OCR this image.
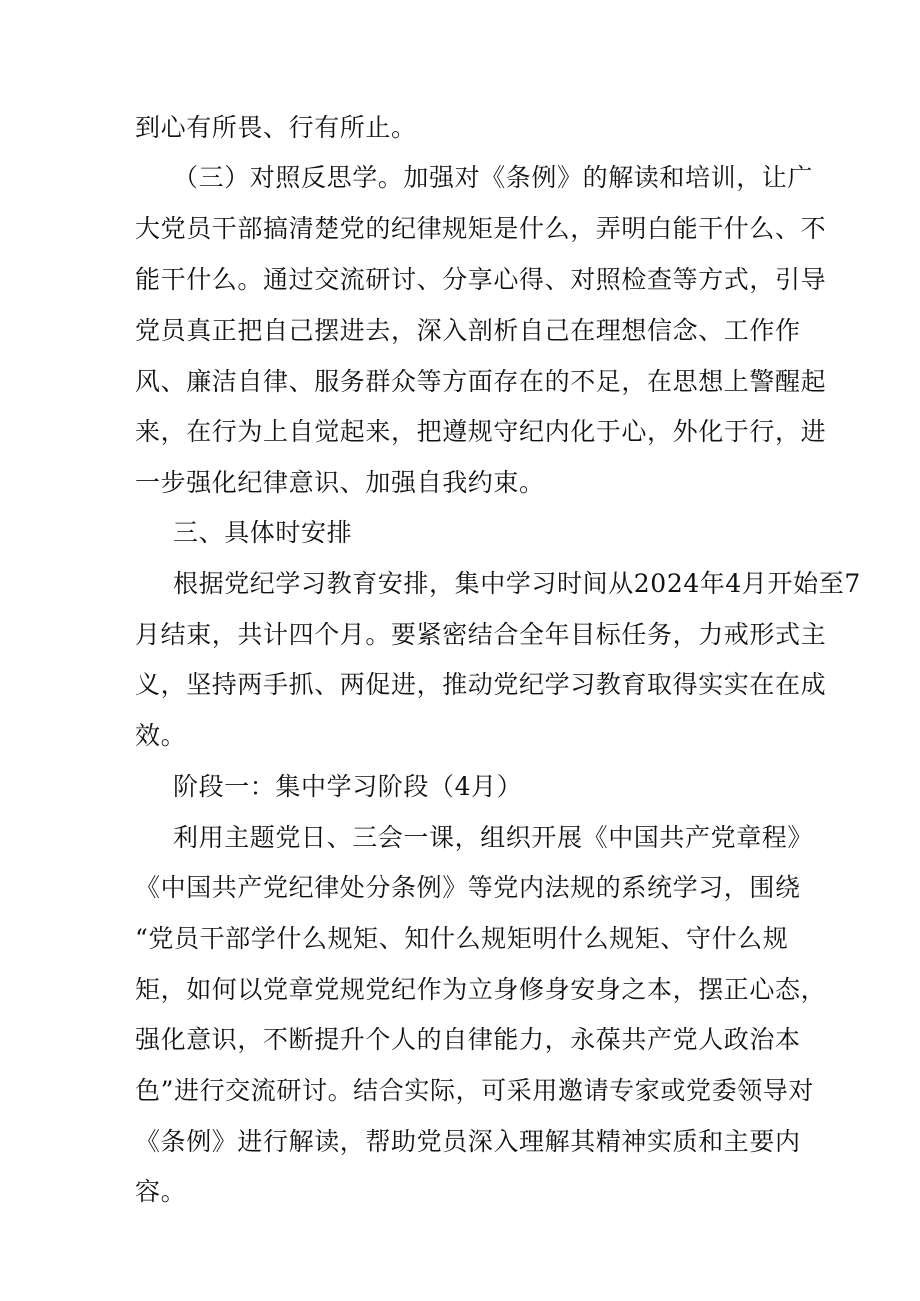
到心有所畏、行有所止。

（三）对照反思学。加强对《条例》的解读和培训，让广

大党员干部搞清楚党的纪律规矩是什么，弄明白能干什么、不

能干什么。通过交流研讨、分享心得、对照检查等方式，引导

党员真正把自己摆进去，深入剖析自己在理想信念、工作作

风、廉洁自律、服务群众等方面存在的不足，在思想上警醒起

来，在行为上自觉起来，把遵规守纪内化于心，外化于行，进

一步强化纪律意识、加强自我约束。

三、具体时安排

根据党纪学习教育安排，集中学习时间从2024年4月开始至7

月结束，共计四个月。要紧密结合全年目标任务，力戒形式主

义，坚持两手抓、两促进，推动党纪学习教育取得实实在在成

效。

阶段一：集中学习阶段（4月）

利用主题党日、三会一课，组织开展《中国共产党章程》

《中国共产党纪律处分条例》等党内法规的系统学习，围绕

“党员干部学什么规矩、知什么规矩明什么规矩、守什么规

矩，如何以党章党规党纪作为立身修身安身之本，摆正心态，

强化意识，不断提升个人的自律能力，永葆共产党人政治本

色”进行交流研讨。结合实际，可采用邀请专家或党委领导对

《条例》进行解读，帮助党员深入理解其精神实质和主要内

容。
